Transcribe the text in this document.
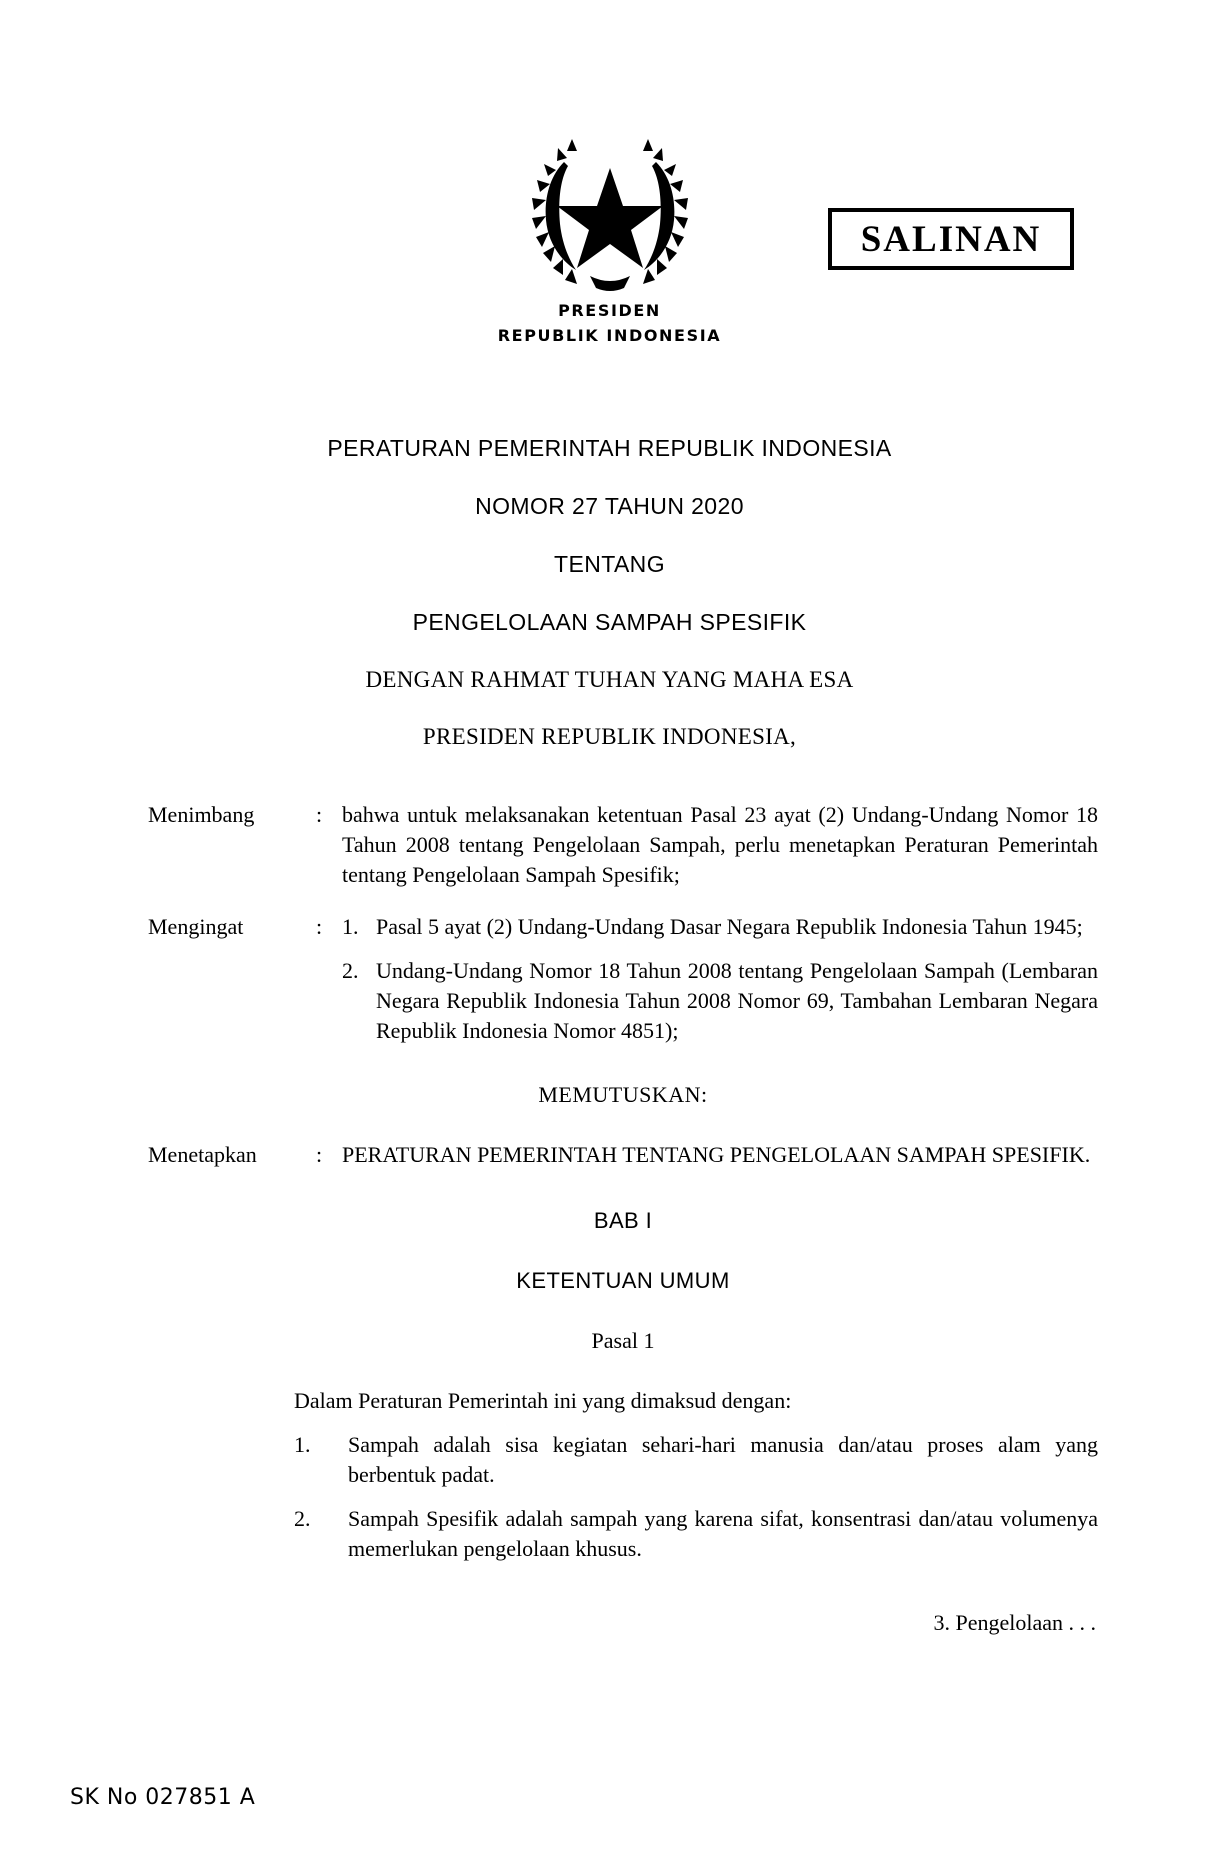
PRESIDEN
REPUBLIK INDONESIA
SALINAN
PERATURAN PEMERINTAH REPUBLIK INDONESIA
NOMOR 27 TAHUN 2020
TENTANG
PENGELOLAAN SAMPAH SPESIFIK
DENGAN RAHMAT TUHAN YANG MAHA ESA
PRESIDEN REPUBLIK INDONESIA,
Menimbang	: bahwa untuk melaksanakan ketentuan Pasal 23 ayat (2) Undang-Undang Nomor 18 Tahun 2008 tentang Pengelolaan Sampah, perlu menetapkan Peraturan Pemerintah tentang Pengelolaan Sampah Spesifik;
Mengingat	: 1. Pasal 5 ayat (2) Undang-Undang Dasar Negara Republik Indonesia Tahun 1945;
2. Undang-Undang Nomor 18 Tahun 2008 tentang Pengelolaan Sampah (Lembaran Negara Republik Indonesia Tahun 2008 Nomor 69, Tambahan Lembaran Negara Republik Indonesia Nomor 4851);
MEMUTUSKAN:
Menetapkan	: PERATURAN PEMERINTAH TENTANG PENGELOLAAN SAMPAH SPESIFIK.
BAB I
KETENTUAN UMUM
Pasal 1
Dalam Peraturan Pemerintah ini yang dimaksud dengan:
1.	Sampah adalah sisa kegiatan sehari-hari manusia dan/atau proses alam yang berbentuk padat.
2.	Sampah Spesifik adalah sampah yang karena sifat, konsentrasi dan/atau volumenya memerlukan pengelolaan khusus.
3. Pengelolaan . . .
SK No 027851 A
